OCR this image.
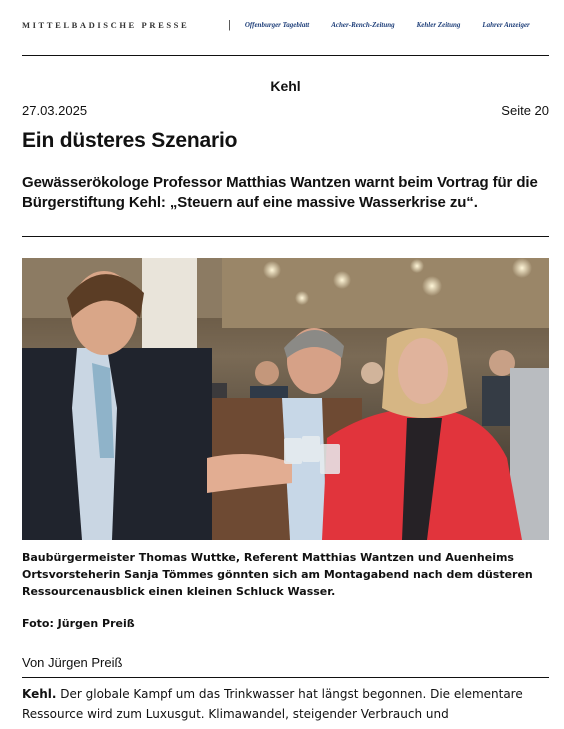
MITTELBADISCHE PRESSE	| Offenburger Tageblatt	Acher-Rench-Zeitung	Kehler Zeitung	Lahrer Anzeiger
Kehl
27.03.2025	Seite 20
Ein düsteres Szenario
Gewässerökologe Professor Matthias Wantzen warnt beim Vortrag für die Bürgerstiftung Kehl: „Steuern auf eine massive Wasserkrise zu“.
Baubürgermeister Thomas Wuttke, Referent Matthias Wantzen und Auenheims Ortsvorsteherin Sanja Tömmes gönnten sich am Montagabend nach dem düsteren Ressourcenausblick einen kleinen Schluck Wasser.
Foto: Jürgen Preiß
Von Jürgen Preiß
Kehl. Der globale Kampf um das Trinkwasser hat längst begonnen. Die elementare Ressource wird zum Luxusgut. Klimawandel, steigender Verbrauch und
